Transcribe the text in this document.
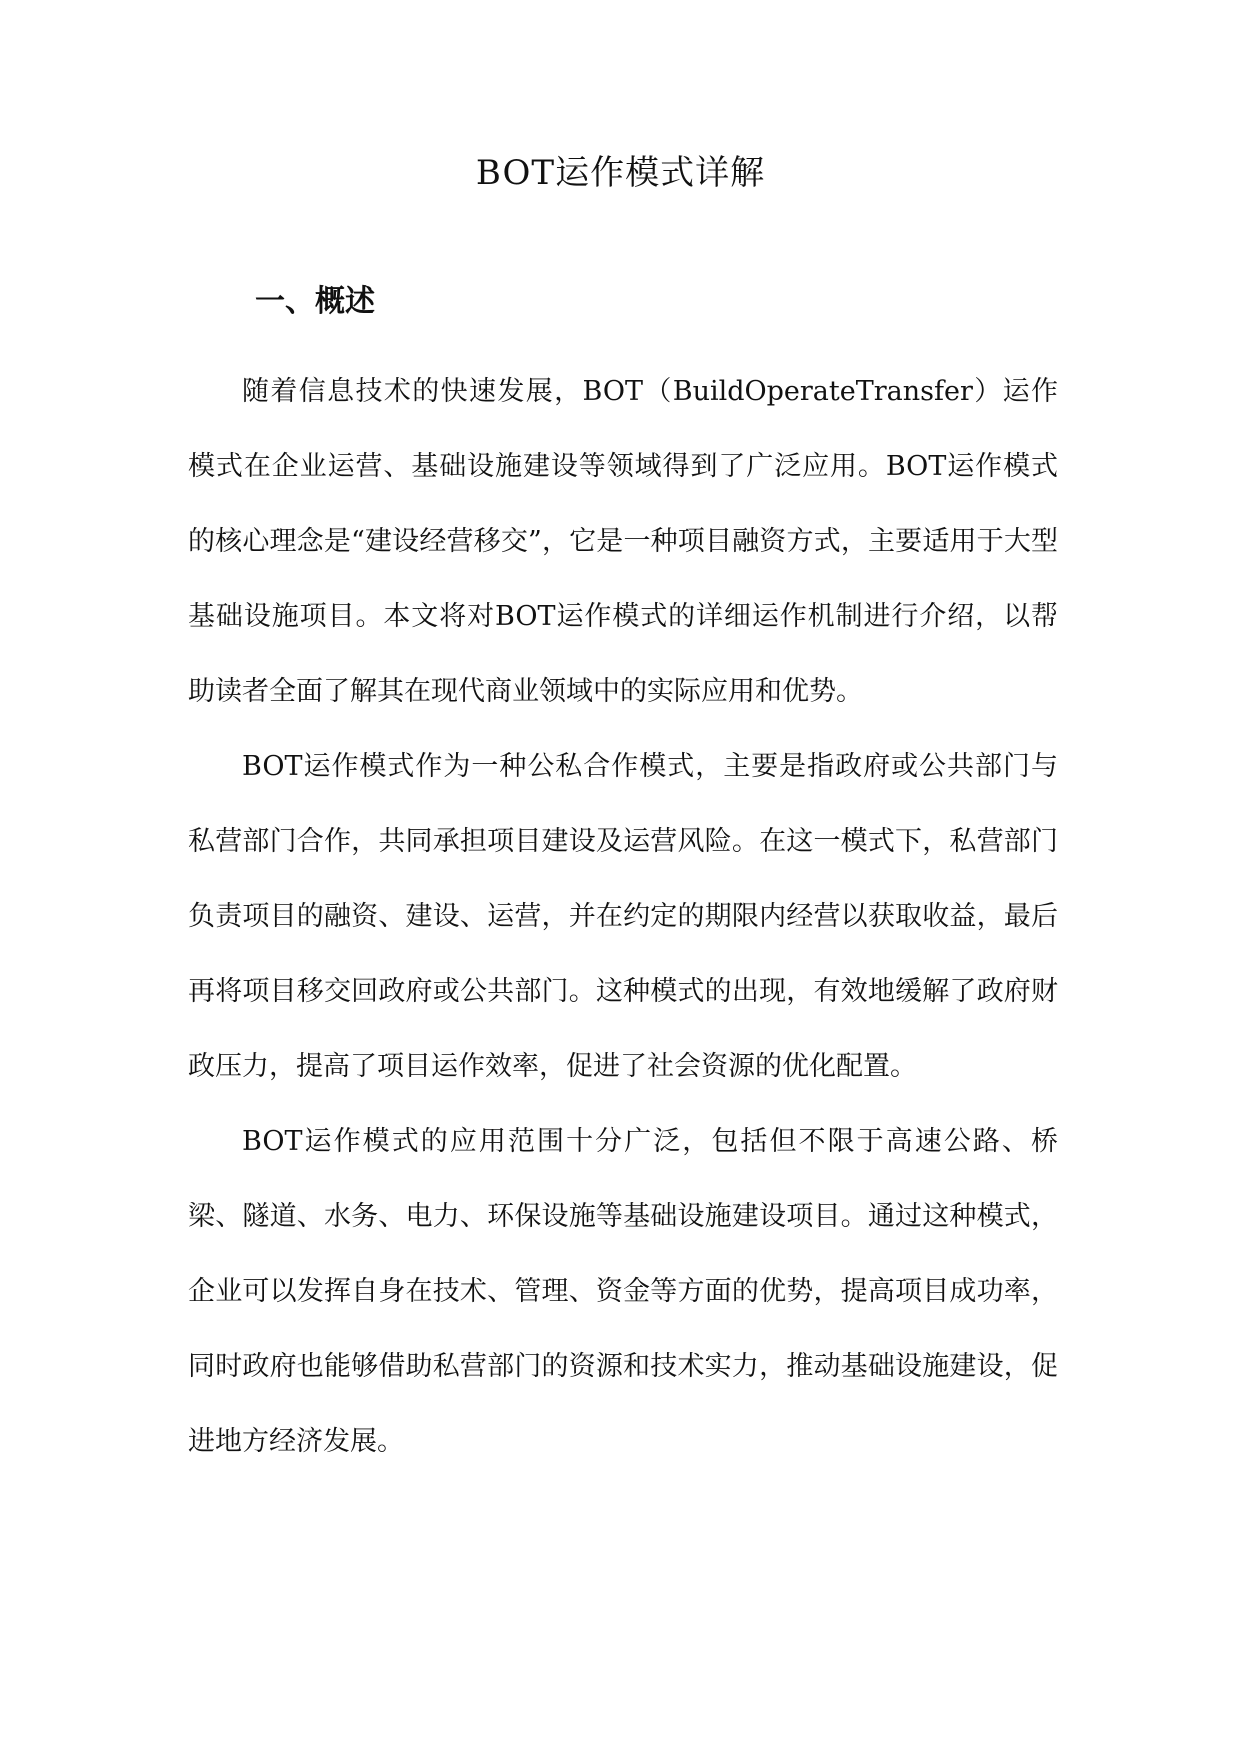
BOT运作模式详解
一、概述

随着信息技术的快速发展，BOT（BuildOperateTransfer）运作模式在企业运营、基础设施建设等领域得到了广泛应用。BOT运作模式的核心理念是“建设经营移交”，它是一种项目融资方式，主要适用于大型基础设施项目。本文将对BOT运作模式的详细运作机制进行介绍，以帮助读者全面了解其在现代商业领域中的实际应用和优势。

BOT运作模式作为一种公私合作模式，主要是指政府或公共部门与私营部门合作，共同承担项目建设及运营风险。在这一模式下，私营部门负责项目的融资、建设、运营，并在约定的期限内经营以获取收益，最后再将项目移交回政府或公共部门。这种模式的出现，有效地缓解了政府财政压力，提高了项目运作效率，促进了社会资源的优化配置。

BOT运作模式的应用范围十分广泛，包括但不限于高速公路、桥梁、隧道、水务、电力、环保设施等基础设施建设项目。通过这种模式，企业可以发挥自身在技术、管理、资金等方面的优势，提高项目成功率，同时政府也能够借助私营部门的资源和技术实力，推动基础设施建设，促进地方经济发展。
